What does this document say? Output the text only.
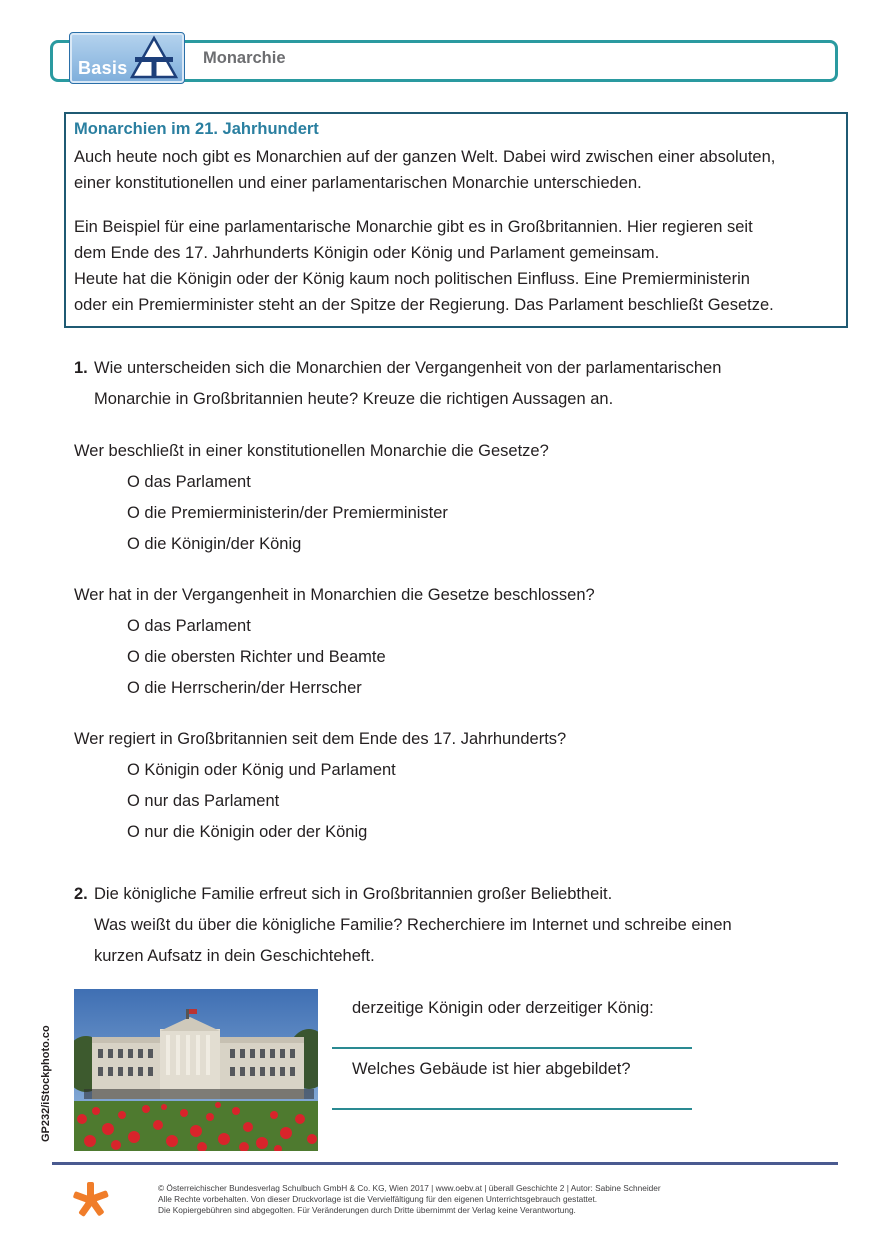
Basis	Monarchie
Monarchien im 21. Jahrhundert
Auch heute noch gibt es Monarchien auf der ganzen Welt. Dabei wird zwischen einer absoluten,
einer konstitutionellen und einer parlamentarischen Monarchie unterschieden.
Ein Beispiel für eine parlamentarische Monarchie gibt es in Großbritannien. Hier regieren seit
dem Ende des 17. Jahrhunderts Königin oder König und Parlament gemeinsam.
Heute hat die Königin oder der König kaum noch politischen Einfluss. Eine Premierministerin
oder ein Premierminister steht an der Spitze der Regierung. Das Parlament beschließt Gesetze.
1. Wie unterscheiden sich die Monarchien der Vergangenheit von der parlamentarischen
Monarchie in Großbritannien heute? Kreuze die richtigen Aussagen an.
Wer beschließt in einer konstitutionellen Monarchie die Gesetze?
O das Parlament
O die Premierministerin/der Premierminister
O die Königin/der König
Wer hat in der Vergangenheit in Monarchien die Gesetze beschlossen?
O das Parlament
O die obersten Richter und Beamte
O die Herrscherin/der Herrscher
Wer regiert in Großbritannien seit dem Ende des 17. Jahrhunderts?
O Königin oder König und Parlament
O nur das Parlament
O nur die Königin oder der König
2. Die königliche Familie erfreut sich in Großbritannien großer Beliebtheit.
Was weißt du über die königliche Familie? Recherchiere im Internet und schreibe einen
kurzen Aufsatz in dein Geschichteheft.
GP232/iStockphoto.co
derzeitige Königin oder derzeitiger König:
Welches Gebäude ist hier abgebildet?
© Österreichischer Bundesverlag Schulbuch GmbH & Co. KG, Wien 2017 | www.oebv.at | überall Geschichte 2 | Autor: Sabine Schneider
Alle Rechte vorbehalten. Von dieser Druckvorlage ist die Vervielfältigung für den eigenen Unterrichtsgebrauch gestattet.
Die Kopiergebühren sind abgegolten. Für Veränderungen durch Dritte übernimmt der Verlag keine Verantwortung.
